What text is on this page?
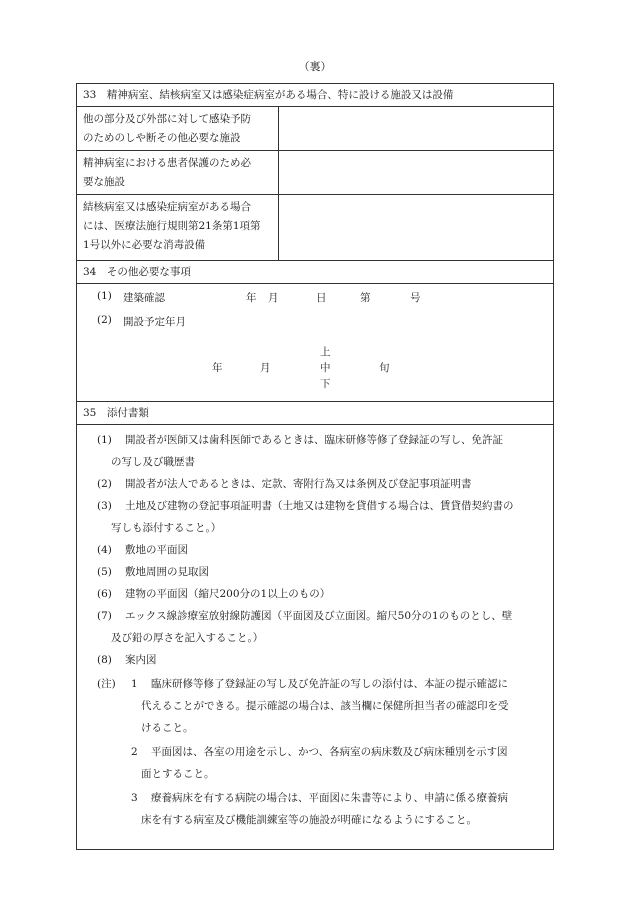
（裏）
33　精神病室、結核病室又は感染症病室がある場合、特に設ける施設又は設備
他の部分及び外部に対して感染予防
のためのしや断その他必要な施設
精神病室における患者保護のため必
要な施設
結核病室又は感染症病室がある場合
には、医療法施行規則第21条第1項第
1号以外に必要な消毒設備
34　その他必要な事項
(1) 建築確認	年 月	日	第	号
(2) 開設予定年月
上
年	月	中	旬
下
35　添付書類
(1)	開設者が医師又は歯科医師であるときは、臨床研修等修了登録証の写し、免許証
の写し及び職歴書
(2)	開設者が法人であるときは、定款、寄附行為又は条例及び登記事項証明書
(3)	土地及び建物の登記事項証明書（土地又は建物を貸借する場合は、賃貸借契約書の
写しも添付すること。）
(4)	敷地の平面図
(5)	敷地周囲の見取図
(6)	建物の平面図（縮尺200分の1以上のもの）
(7)	エックス線診療室放射線防護図（平面図及び立面図。縮尺50分の1のものとし、壁
及び鉛の厚さを記入すること。）
(8)	案内図
(注) 1	臨床研修等修了登録証の写し及び免許証の写しの添付は、本証の提示確認に
代えることができる。提示確認の場合は、該当欄に保健所担当者の確認印を受
けること。
2	平面図は、各室の用途を示し、かつ、各病室の病床数及び病床種別を示す図
面とすること。
3	療養病床を有する病院の場合は、平面図に朱書等により、申請に係る療養病
床を有する病室及び機能訓練室等の施設が明確になるようにすること。
